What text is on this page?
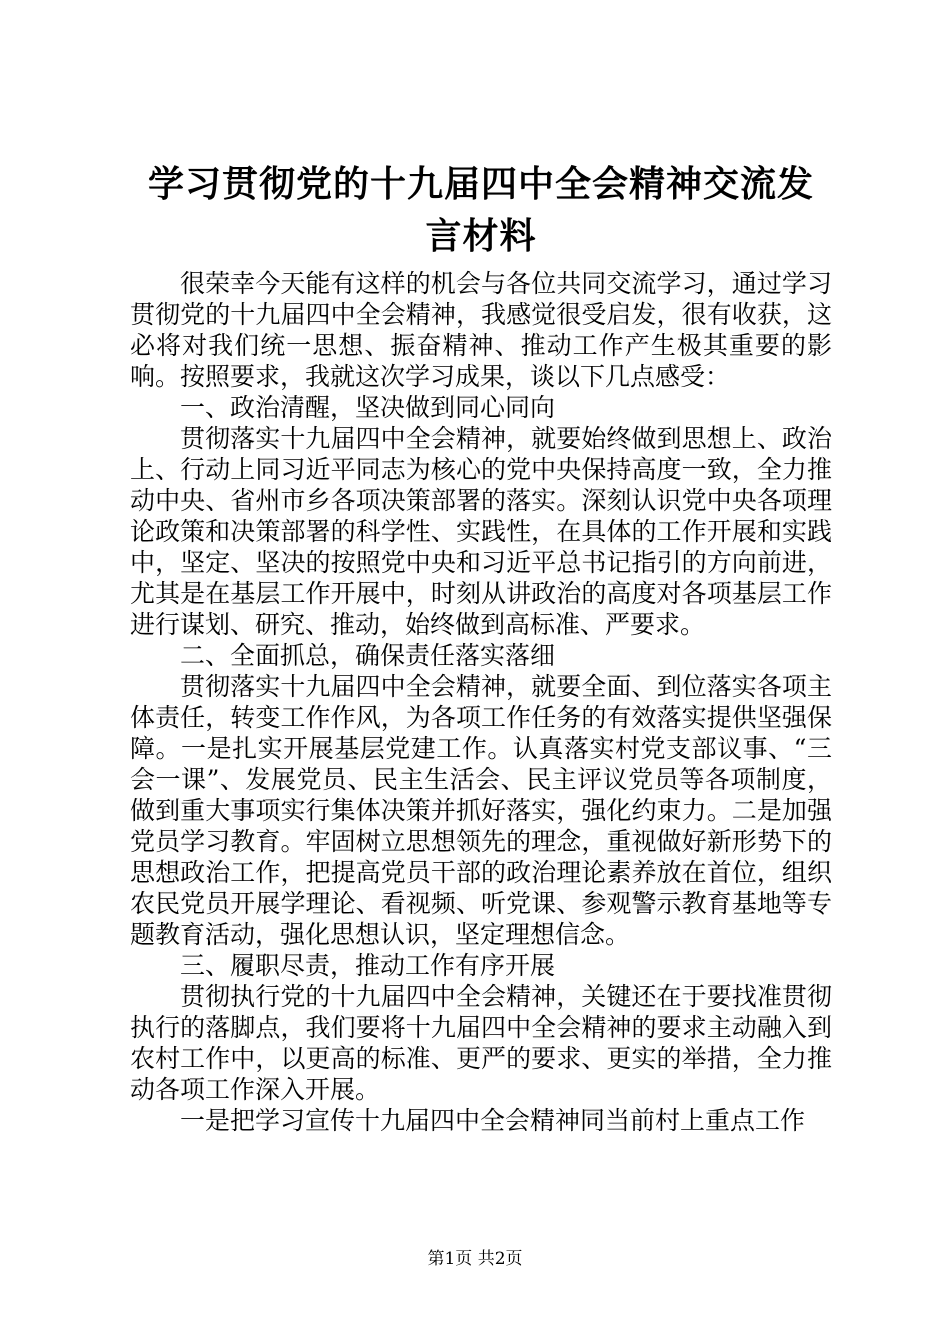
学习贯彻党的十九届四中全会精神交流发言材料

很荣幸今天能有这样的机会与各位共同交流学习，通过学习贯彻党的十九届四中全会精神，我感觉很受启发，很有收获，这必将对我们统一思想、振奋精神、推动工作产生极其重要的影响。按照要求，我就这次学习成果，谈以下几点感受：

一、政治清醒，坚决做到同心同向

贯彻落实十九届四中全会精神，就要始终做到思想上、政治上、行动上同习近平同志为核心的党中央保持高度一致，全力推动中央、省州市乡各项决策部署的落实。深刻认识党中央各项理论政策和决策部署的科学性、实践性，在具体的工作开展和实践中，坚定、坚决的按照党中央和习近平总书记指引的方向前进，尤其是在基层工作开展中，时刻从讲政治的高度对各项基层工作进行谋划、研究、推动，始终做到高标准、严要求。

二、全面抓总，确保责任落实落细

贯彻落实十九届四中全会精神，就要全面、到位落实各项主体责任，转变工作作风，为各项工作任务的有效落实提供坚强保障。一是扎实开展基层党建工作。认真落实村党支部议事、“三会一课”、发展党员、民主生活会、民主评议党员等各项制度，做到重大事项实行集体决策并抓好落实，强化约束力。二是加强党员学习教育。牢固树立思想领先的理念，重视做好新形势下的思想政治工作，把提高党员干部的政治理论素养放在首位，组织农民党员开展学理论、看视频、听党课、参观警示教育基地等专题教育活动，强化思想认识，坚定理想信念。

三、履职尽责，推动工作有序开展

贯彻执行党的十九届四中全会精神，关键还在于要找准贯彻执行的落脚点，我们要将十九届四中全会精神的要求主动融入到农村工作中，以更高的标准、更严的要求、更实的举措，全力推动各项工作深入开展。

一是把学习宣传十九届四中全会精神同当前村上重点工作

第1页 共2页
